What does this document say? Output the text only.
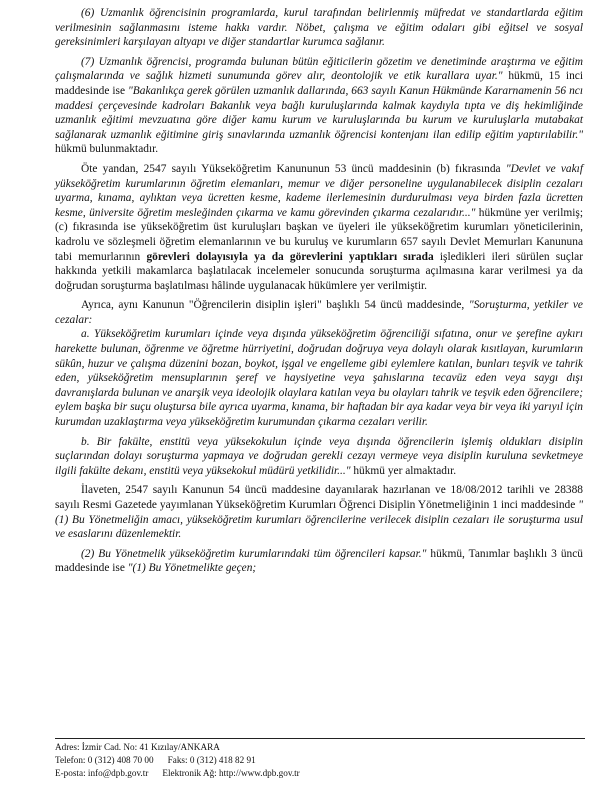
(6) Uzmanlık öğrencisinin programlarda, kurul tarafından belirlenmiş müfredat ve standartlarda eğitim verilmesinin sağlanmasını isteme hakkı vardır. Nöbet, çalışma ve eğitim odaları gibi eğitsel ve sosyal gereksinimleri karşılayan altyapı ve diğer standartlar kurumca sağlanır.

(7) Uzmanlık öğrencisi, programda bulunan bütün eğiticilerin gözetim ve denetiminde araştırma ve eğitim çalışmalarında ve sağlık hizmeti sunumunda görev alır, deontolojik ve etik kurallara uyar." hükmü, 15 inci maddesinde ise "Bakanlıkça gerek görülen uzmanlık dallarında, 663 sayılı Kanun Hükmünde Kararnamenin 56 ncı maddesi çerçevesinde kadroları Bakanlık veya bağlı kuruluşlarında kalmak kaydıyla tıpta ve diş hekimliğinde uzmanlık eğitimi mevzuatına göre diğer kamu kurum ve kuruluşlarında bu kurum ve kuruluşlarla mutabakat sağlanarak uzmanlık eğitimine giriş sınavlarında uzmanlık öğrencisi kontenjanı ilan edilip eğitim yaptırılabilir." hükmü bulunmaktadır.

Öte yandan, 2547 sayılı Yükseköğretim Kanununun 53 üncü maddesinin (b) fıkrasında "Devlet ve vakıf yükseköğretim kurumlarının öğretim elemanları, memur ve diğer personeline uygulanabilecek disiplin cezaları uyarma, kınama, aylıktan veya ücretten kesme, kademe ilerlemesinin durdurulması veya birden fazla ücretten kesme, üniversite öğretim mesleğinden çıkarma ve kamu görevinden çıkarma cezalarıdır..." hükmüne yer verilmiş; (c) fıkrasında ise yükseköğretim üst kuruluşları başkan ve üyeleri ile yükseköğretim kurumları yöneticilerinin, kadrolu ve sözleşmeli öğretim elemanlarının ve bu kuruluş ve kurumların 657 sayılı Devlet Memurları Kanununa tabi memurlarının görevleri dolayısıyla ya da görevlerini yaptıkları sırada işledikleri ileri sürülen suçlar hakkında yetkili makamlarca başlatılacak incelemeler sonucunda soruşturma açılmasına karar verilmesi ya da doğrudan soruşturma başlatılması hâlinde uygulanacak hükümlere yer verilmiştir.

Ayrıca, aynı Kanunun "Öğrencilerin disiplin işleri" başlıklı 54 üncü maddesinde, "Soruşturma, yetkiler ve cezalar:

a. Yükseköğretim kurumları içinde veya dışında yükseköğretim öğrenciliği sıfatına, onur ve şerefine aykırı harekette bulunan, öğrenme ve öğretme hürriyetini, doğrudan doğruya veya dolaylı olarak kısıtlayan, kurumların sükûn, huzur ve çalışma düzenini bozan, boykot, işgal ve engelleme gibi eylemlere katılan, bunları teşvik ve tahrik eden, yükseköğretim mensuplarının şeref ve haysiyetine veya şahıslarına tecavüz eden veya saygı dışı davranışlarda bulunan ve anarşik veya ideolojik olaylara katılan veya bu olayları tahrik ve teşvik eden öğrencilere; eylem başka bir suçu oluştursa bile ayrıca uyarma, kınama, bir haftadan bir aya kadar veya bir veya iki yarıyıl için kurumdan uzaklaştırma veya yükseköğretim kurumundan çıkarma cezaları verilir.

b. Bir fakülte, enstitü veya yüksekokulun içinde veya dışında öğrencilerin işlemiş oldukları disiplin suçlarından dolayı soruşturma yapmaya ve doğrudan gerekli cezayı vermeye veya disiplin kuruluna sevketmeye ilgili fakülte dekanı, enstitü veya yüksekokul müdürü yetkilidir..." hükmü yer almaktadır.

İlaveten, 2547 sayılı Kanunun 54 üncü maddesine dayanılarak hazırlanan ve 18/08/2012 tarihli ve 28388 sayılı Resmi Gazetede yayımlanan Yükseköğretim Kurumları Öğrenci Disiplin Yönetmeliğinin 1 inci maddesinde "(1) Bu Yönetmeliğin amacı, yükseköğretim kurumları öğrencilerine verilecek disiplin cezaları ile soruşturma usul ve esaslarını düzenlemektir.

(2) Bu Yönetmelik yükseköğretim kurumlarındaki tüm öğrencileri kapsar." hükmü, Tanımlar başlıklı 3 üncü maddesinde ise "(1) Bu Yönetmelikte geçen;

Adres: İzmir Cad. No: 41 Kızılay/ANKARA
Telefon: 0 (312) 408 70 00 Faks: 0 (312) 418 82 91
E-posta: info@dpb.gov.tr Elektronik Ağ: http://www.dpb.gov.tr
